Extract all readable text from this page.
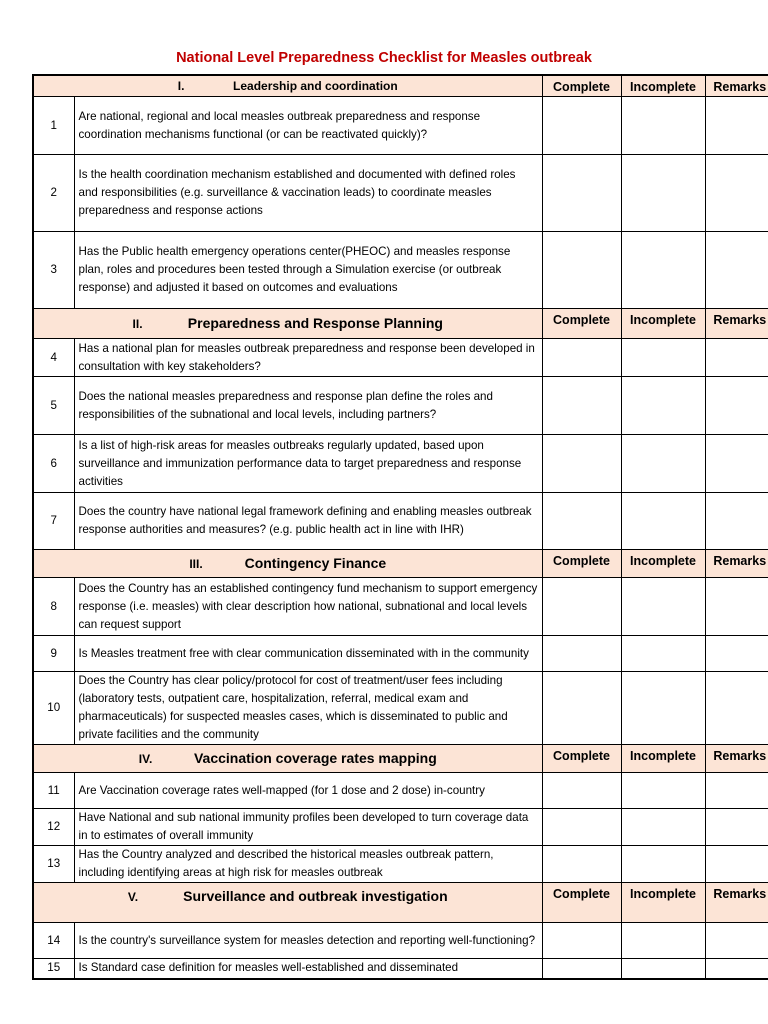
National Level Preparedness Checklist for Measles outbreak
I. Leadership and coordination		Complete	Incomplete	Remarks
1	Are national, regional and local measles outbreak preparedness and response coordination mechanisms functional (or can be reactivated quickly)?			
2	Is the health coordination mechanism established and documented with defined roles and responsibilities (e.g. surveillance & vaccination leads) to coordinate measles preparedness and response actions			
3	Has the Public health emergency operations center(PHEOC) and measles response plan, roles and procedures been tested through a Simulation exercise (or outbreak response) and adjusted it based on outcomes and evaluations			
II. Preparedness and Response Planning		Complete	Incomplete	Remarks
4	Has a national plan for measles outbreak preparedness and response been developed in consultation with key stakeholders?			
5	Does the national measles preparedness and response plan define the roles and responsibilities of the subnational and local levels, including partners?			
6	Is a list of high-risk areas for measles outbreaks regularly updated, based upon surveillance and immunization performance data to target preparedness and response activities			
7	Does the country have national legal framework defining and enabling measles outbreak response authorities and measures? (e.g. public health act in line with IHR)			
III. Contingency Finance		Complete	Incomplete	Remarks
8	Does the Country has an established contingency fund mechanism to support emergency response (i.e. measles) with clear description how national, subnational and local levels can request support			
9	Is Measles treatment free with clear communication disseminated with in the community			
10	Does the Country has clear policy/protocol for cost of treatment/user fees including (laboratory tests, outpatient care, hospitalization, referral, medical exam and pharmaceuticals) for suspected measles cases, which is disseminated to public and private facilities and the community			
IV. Vaccination coverage rates mapping		Complete	Incomplete	Remarks
11	Are Vaccination coverage rates well-mapped (for 1 dose and 2 dose) in-country			
12	Have National and sub national immunity profiles been developed to turn coverage data in to estimates of overall immunity			
13	Has the Country analyzed and described the historical measles outbreak pattern, including identifying areas at high risk for measles outbreak			
V. Surveillance and outbreak investigation		Complete	Incomplete	Remarks
14	Is the country's surveillance system for measles detection and reporting well-functioning?			
15	Is Standard case definition for measles well-established and disseminated			
